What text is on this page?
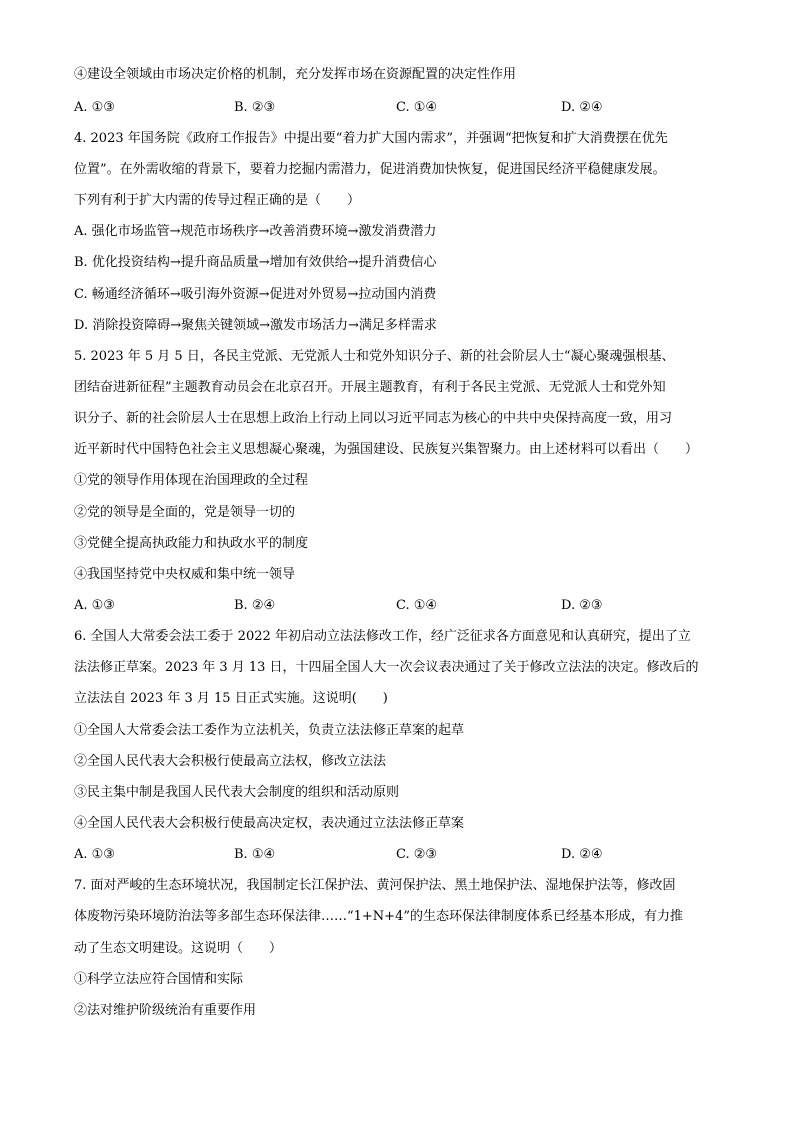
④建设全领域由市场决定价格的机制，充分发挥市场在资源配置的决定性作用
A. ①③	B. ②③	C. ①④	D. ②④
4. 2023 年国务院《政府工作报告》中提出要“着力扩大国内需求”，并强调“把恢复和扩大消费摆在优先
位置”。在外需收缩的背景下，要着力挖掘内需潜力，促进消费加快恢复，促进国民经济平稳健康发展。
下列有利于扩大内需的传导过程正确的是（　　）
A. 强化市场监管→规范市场秩序→改善消费环境→激发消费潜力
B. 优化投资结构→提升商品质量→增加有效供给→提升消费信心
C. 畅通经济循环→吸引海外资源→促进对外贸易→拉动国内消费
D. 消除投资障碍→聚焦关键领域→激发市场活力→满足多样需求
5. 2023 年 5 月 5 日，各民主党派、无党派人士和党外知识分子、新的社会阶层人士“凝心聚魂强根基、
团结奋进新征程”主题教育动员会在北京召开。开展主题教育，有利于各民主党派、无党派人士和党外知
识分子、新的社会阶层人士在思想上政治上行动上同以习近平同志为核心的中共中央保持高度一致，用习
近平新时代中国特色社会主义思想凝心聚魂，为强国建设、民族复兴集智聚力。由上述材料可以看出（　　）
①党的领导作用体现在治国理政的全过程
②党的领导是全面的，党是领导一切的
③党健全提高执政能力和执政水平的制度
④我国坚持党中央权威和集中统一领导
A. ①③	B. ②④	C. ①④	D. ②③
6. 全国人大常委会法工委于 2022 年初启动立法法修改工作，经广泛征求各方面意见和认真研究，提出了立
法法修正草案。2023 年 3 月 13 日，十四届全国人大一次会议表决通过了关于修改立法法的决定。修改后的
立法法自 2023 年 3 月 15 日正式实施。这说明(　　)
①全国人大常委会法工委作为立法机关，负责立法法修正草案的起草
②全国人民代表大会积极行使最高立法权，修改立法法
③民主集中制是我国人民代表大会制度的组织和活动原则
④全国人民代表大会积极行使最高决定权，表决通过立法法修正草案
A. ①③	B. ①④	C. ②③	D. ②④
7. 面对严峻的生态环境状况，我国制定长江保护法、黄河保护法、黑土地保护法、湿地保护法等，修改固
体废物污染环境防治法等多部生态环保法律……“1+N+4”的生态环保法律制度体系已经基本形成，有力推
动了生态文明建设。这说明（　　）
①科学立法应符合国情和实际
②法对维护阶级统治有重要作用
